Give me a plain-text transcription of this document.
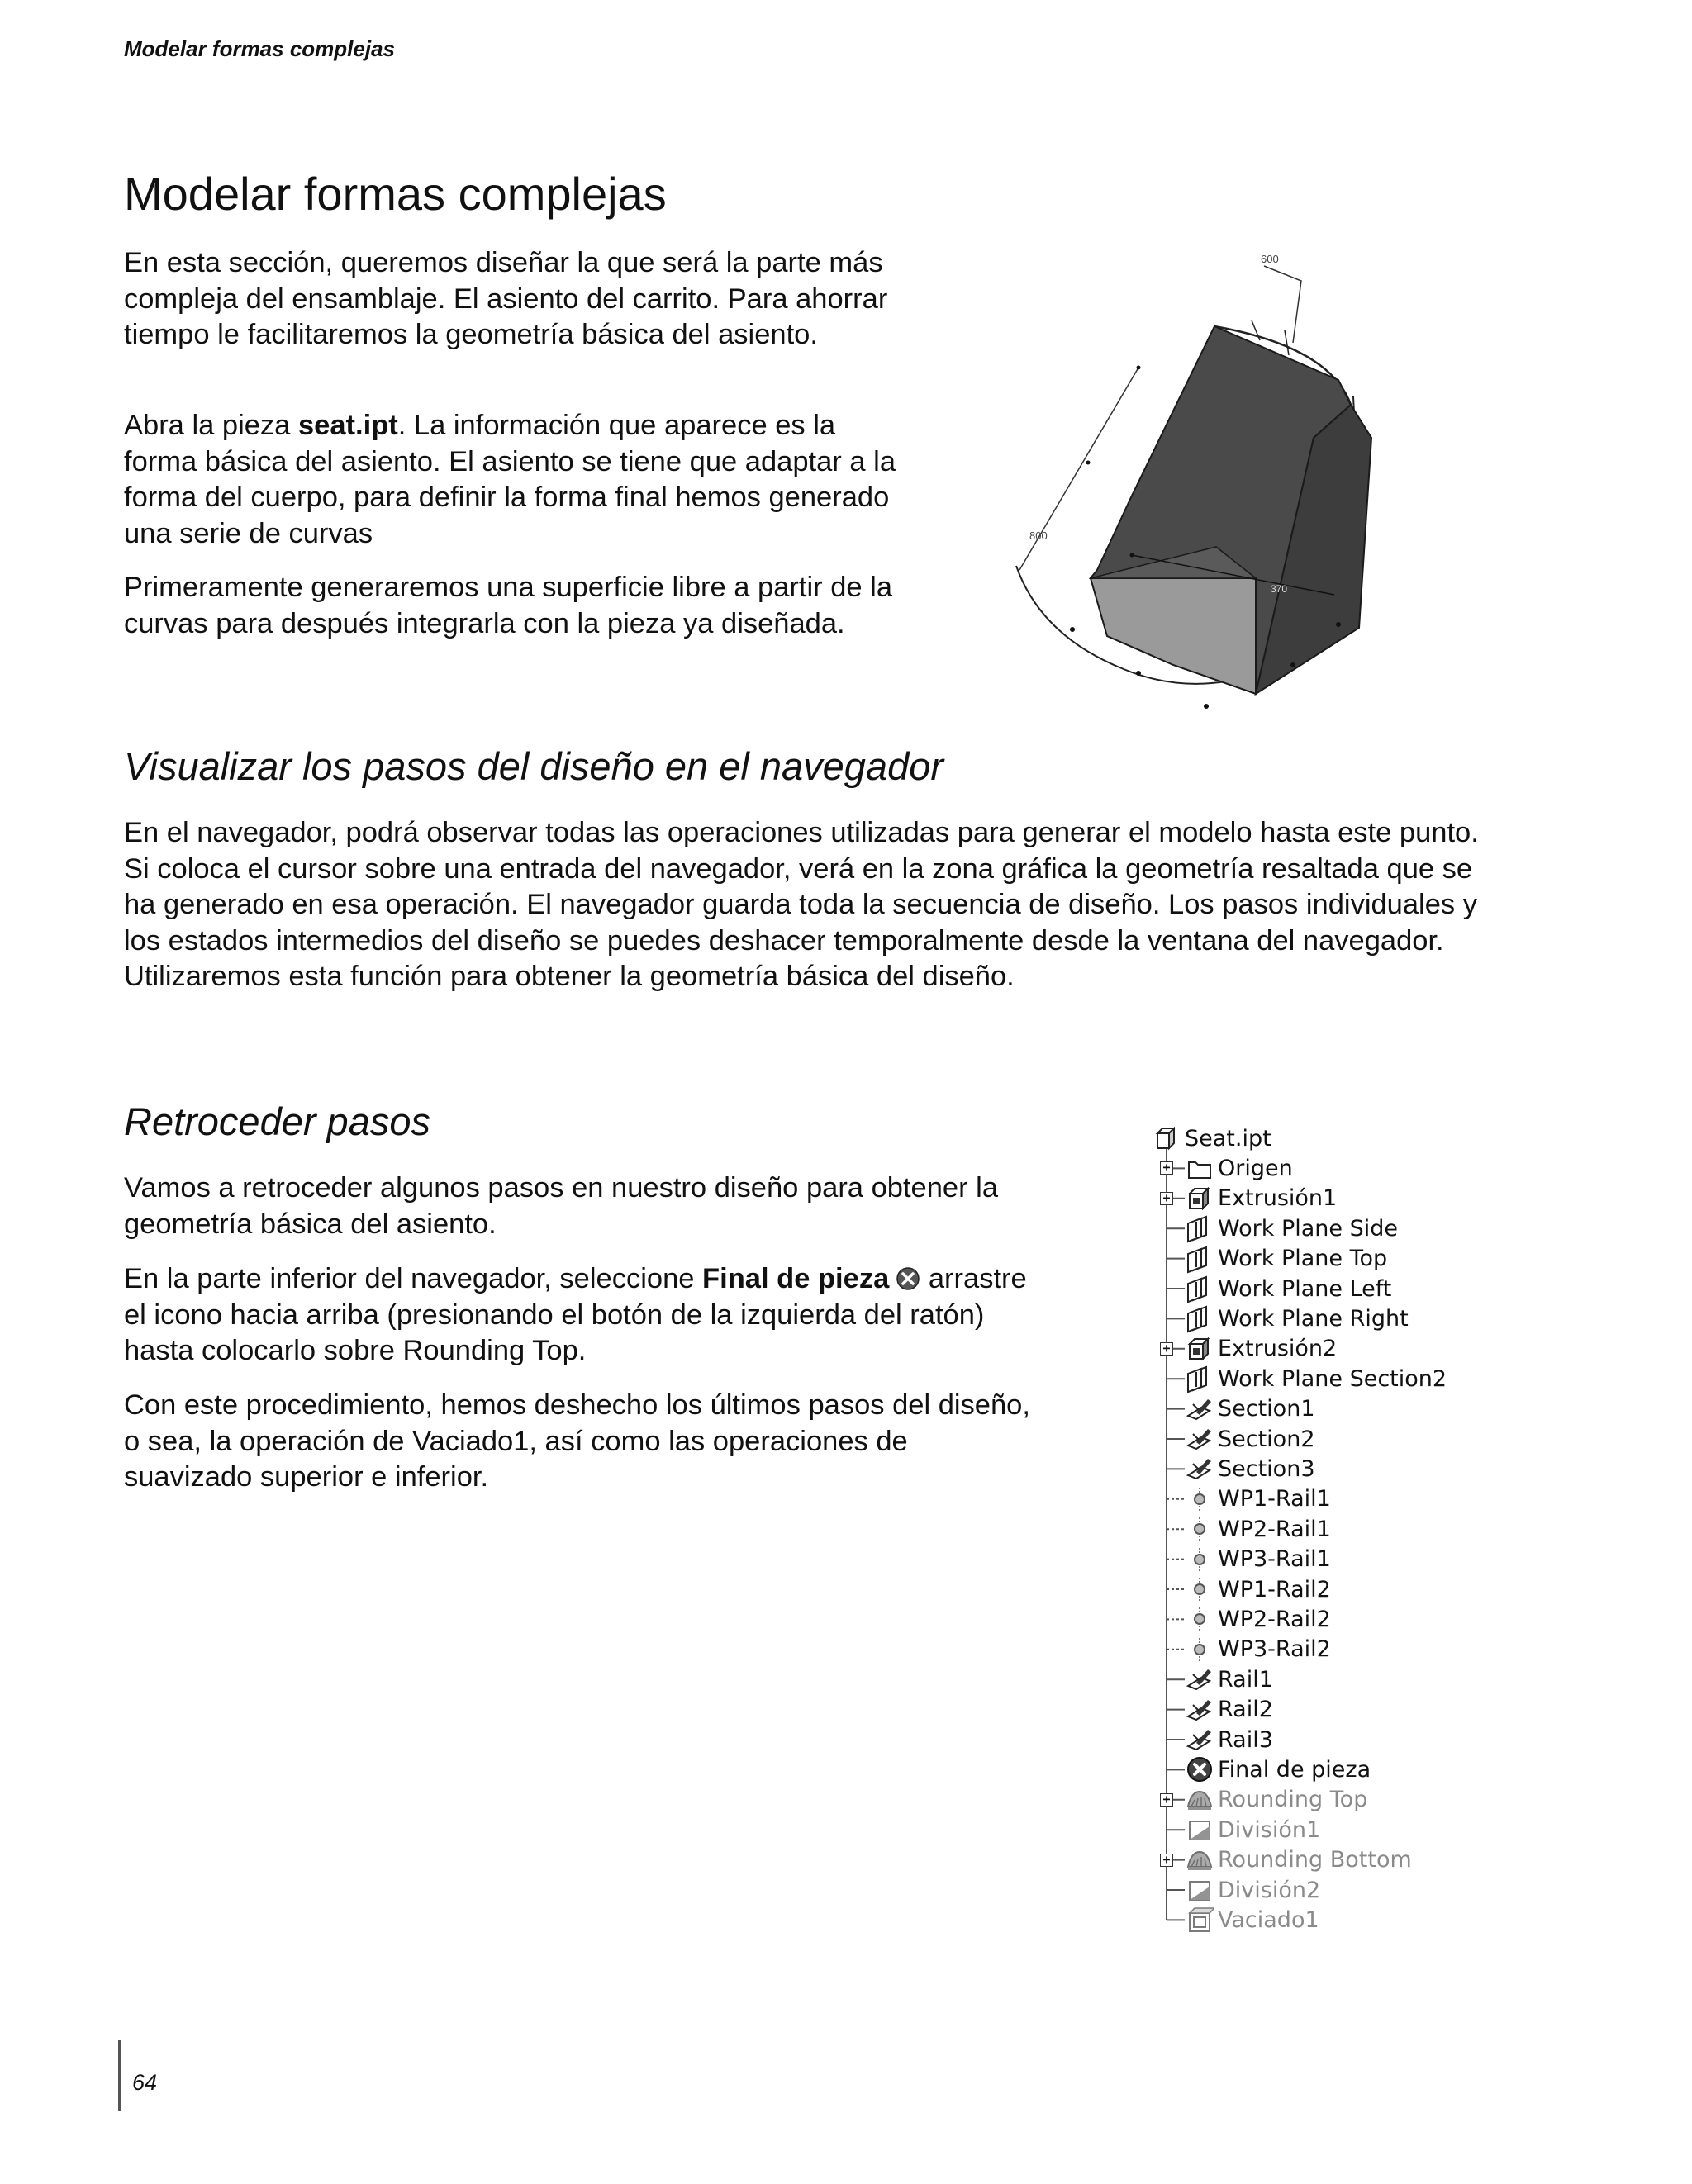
Modelar formas complejas
Modelar formas complejas

En esta sección, queremos diseñar la que será la parte más compleja del ensamblaje. El asiento del carrito. Para ahorrar tiempo le facilitaremos la geometría básica del asiento.

Abra la pieza seat.ipt. La información que aparece es la forma básica del asiento. El asiento se tiene que adaptar a la forma del cuerpo, para definir la forma final hemos generado una serie de curvas

Primeramente generaremos una superficie libre a partir de la curvas para después integrarla con la pieza ya diseñada.

600
800
370
Visualizar los pasos del diseño en el navegador

En el navegador, podrá observar todas las operaciones utilizadas para generar el modelo hasta este punto. Si coloca el cursor sobre una entrada del navegador, verá en la zona gráfica la geometría resaltada que se ha generado en esa operación. El navegador guarda toda la secuencia de diseño. Los pasos individuales y los estados intermedios del diseño se puedes deshacer temporalmente desde la ventana del navegador. Utilizaremos esta función para obtener la geometría básica del diseño.

Retroceder pasos

Vamos a retroceder algunos pasos en nuestro diseño para obtener la geometría básica del asiento.

En la parte inferior del navegador, seleccione Final de pieza arrastre el icono hacia arriba (presionando el botón de la izquierda del ratón) hasta colocarlo sobre Rounding Top.

Con este procedimiento, hemos deshecho los últimos pasos del diseño, o sea, la operación de Vaciado1, así como las operaciones de suavizado superior e inferior.

Seat.ipt
+ Origen
+ Extrusión1
Work Plane Side
Work Plane Top
Work Plane Left
Work Plane Right
+ Extrusión2
Work Plane Section2
Section1
Section2
Section3
WP1-Rail1
WP2-Rail1
WP3-Rail1
WP1-Rail2
WP2-Rail2
WP3-Rail2
Rail1
Rail2
Rail3
Final de pieza
+ Rounding Top
División1
+ Rounding Bottom
División2
Vaciado1
64
